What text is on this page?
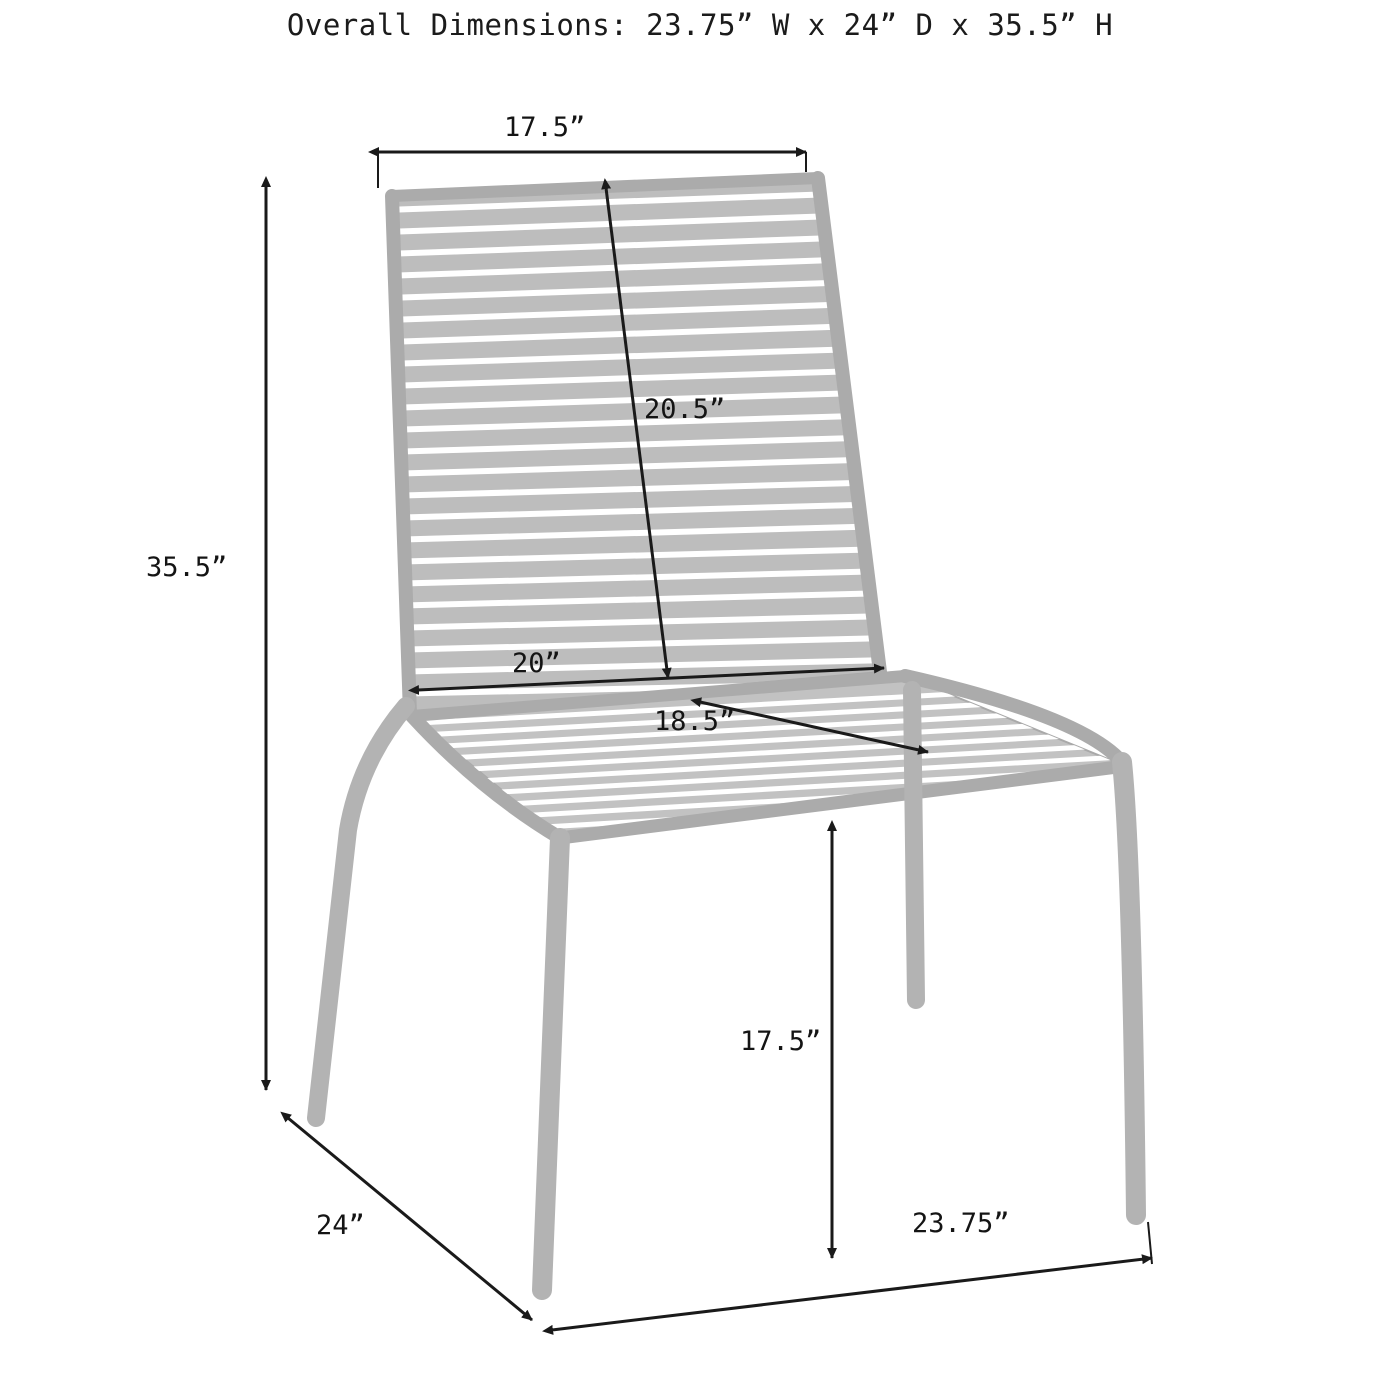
Overall Dimensions: 23.75” W x 24” D x 35.5” H
17.5”
35.5”
20.5”
20”
18.5”
17.5”
24”	23.75”
